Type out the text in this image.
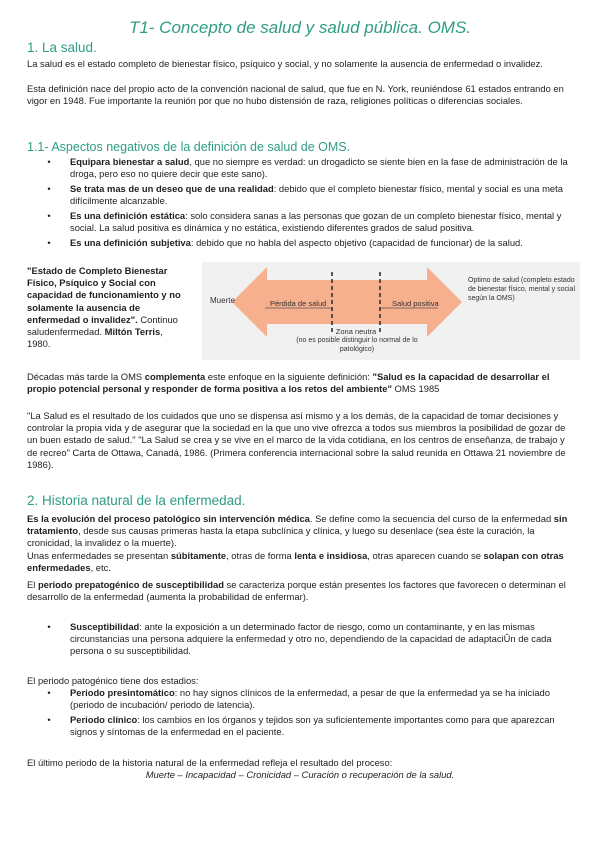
T1- Concepto de salud y salud pública. OMS.
1. La salud.
La salud es el estado completo de bienestar físico, psíquico y social, y no solamente la ausencia de enfermedad o invalidez.
Esta definición nace del propio acto de la convención nacional de salud, que fue en N. York, reuniéndose 61 estados entrando en vigor en 1948. Fue importante la reunión por que no hubo distensión de raza, religiones políticas o diferencias sociales.
1.1- Aspectos negativos de la definición de salud de OMS.
•	Equipara bienestar a salud, que no siempre es verdad: un drogadicto se siente bien en la fase de administración de la droga, pero eso no quiere decir que este sano).
•	Se trata mas de un deseo que de una realidad: debido que el completo bienestar físico, mental y social es una meta difícilmente alcanzable.
•	Es una definición estática: solo considera sanas a las personas que gozan de un completo bienestar físico, mental y social. La salud positiva es dinámica y no estática, existiendo diferentes grados de salud positiva.
•	Es una definición subjetiva: debido que no habla del aspecto objetivo (capacidad de funcionar) de la salud.
"Estado de Completo Bienestar Físico, Psíquico y Social con capacidad de funcionamiento y no solamente la ausencia de enfermedad o invalidez". Continuo saludenfermedad. Miltón Terris, 1980.
Muerte	Pérdida de salud	Salud positiva
Zona neutra
(no es posible distinguir lo normal de lo patológico)
Óptimo de salud (completo estado de bienestar físico, mental y social según la OMS)
Décadas más tarde la OMS complementa este enfoque en la siguiente definición: "Salud es la capacidad de desarrollar el propio potencial personal y responder de forma positiva a los retos del ambiente" OMS 1985
"La Salud es el resultado de los cuidados que uno se dispensa así mismo y a los demás, de la capacidad de tomar decisiones y controlar la propia vida y de asegurar que la sociedad en la que uno vive ofrezca a todos sus miembros la posibilidad de gozar de un buen estado de salud." "La Salud se crea y se vive en el marco de la vida cotidiana, en los centros de enseñanza, de trabajo y de recreo" Carta de Ottawa, Canadá, 1986. (Primera conferencia internacional sobre la salud reunida en Ottawa 21 noviembre de 1986).
2. Historia natural de la enfermedad.
Es la evolución del proceso patológico sin intervención médica. Se define como la secuencia del curso de la enfermedad sin tratamiento, desde sus causas primeras hasta la etapa subclínica y clínica, y luego su desenlace (sea éste la curación, la cronicidad, la invalidez o la muerte).
Unas enfermedades se presentan súbitamente, otras de forma lenta e insidiosa, otras aparecen cuando se solapan con otras enfermedades, etc.
El periodo prepatogénico de susceptibilidad se caracteriza porque están presentes los factores que favorecen o determinan el desarrollo de la enfermedad (aumenta la probabilidad de enfermar).
•	Susceptibilidad: ante la exposición a un determinado factor de riesgo, como un contaminante, y en las mismas circunstancias una persona adquiere la enfermedad y otro no, dependiendo de la capacidad de adaptaciÛn de cada persona o su susceptibilidad.
El periodo patogénico tiene dos estadios:
•	Periodo presintomático: no hay signos clínicos de la enfermedad, a pesar de que la enfermedad ya se ha iniciado (periodo de incubación/ periodo de latencia).
•	Periodo clínico: los cambios en los órganos y tejidos son ya suficientemente importantes como para que aparezcan signos y síntomas de la enfermedad en el paciente.
El último periodo de la historia natural de la enfermedad refleja el resultado del proceso:
Muerte – Incapacidad – Cronicidad – Curación o recuperación de la salud.
